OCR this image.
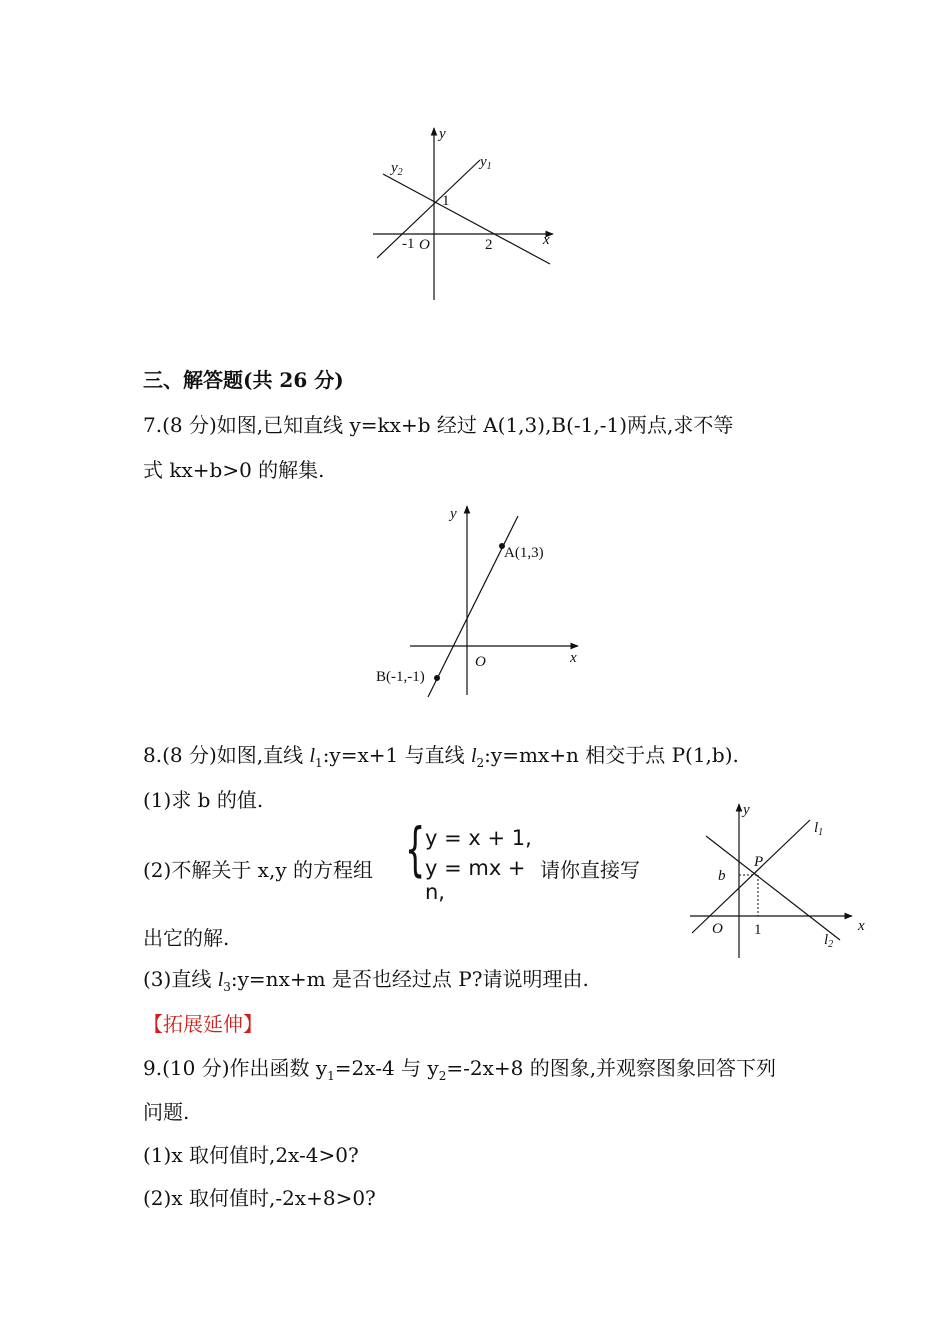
y
x
$y_1$
$y_2$
1
-1 O	2
三、解答题(共 26 分)
7.(8 分)如图,已知直线 y=kx+b 经过 A(1,3),B(-1,-1)两点,求不等
式 kx+b>0 的解集.
y
x
O
A(1,3)
B(-1,-1)
8.(8 分)如图,直线 $l_1:y=x+1$ 与直线 $l_2:y=mx+n$ 相交于点 P(1,b).
(1)求 b 的值.
(2)不解关于 x,y 的方程组 { y = x + 1,
y = mx + n,
请你直接写
出它的解.
(3)直线 $l_3:y=nx+m$ 是否也经过点 P?请说明理由.
y
x
O 1
b
P
$l_1$
$l_2$
【拓展延伸】
9.(10 分)作出函数 $y_1=2x-4$ 与 $y_2=-2x+8$ 的图象,并观察图象回答下列
问题.
(1)x 取何值时,2x-4>0?
(2)x 取何值时,-2x+8>0?
